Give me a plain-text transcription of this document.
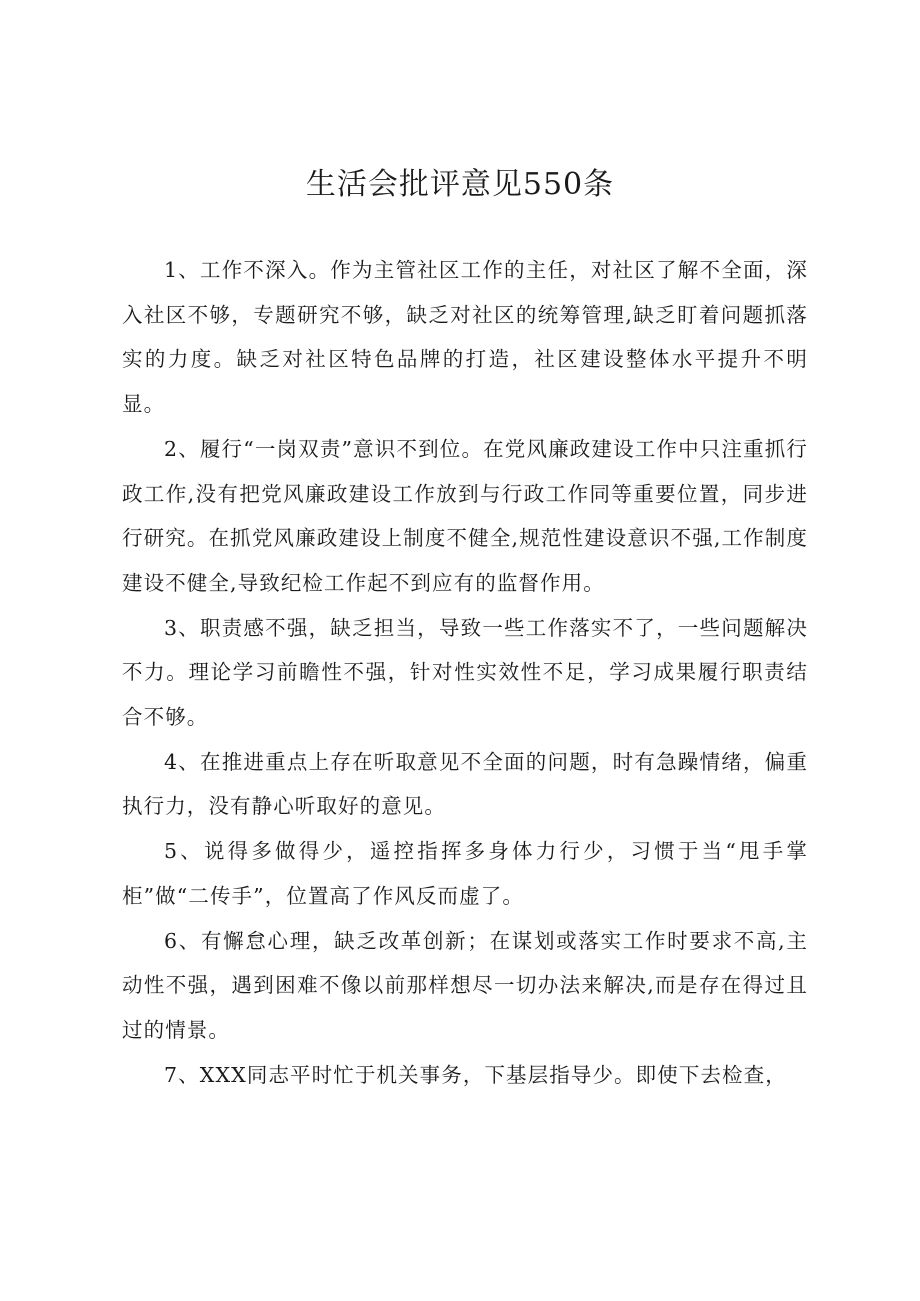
生活会批评意见550条

1、工作不深入。作为主管社区工作的主任，对社区了解不全面，深入社区不够，专题研究不够，缺乏对社区的统筹管理,缺乏盯着问题抓落实的力度。缺乏对社区特色品牌的打造，社区建设整体水平提升不明显。

2、履行“一岗双责”意识不到位。在党风廉政建设工作中只注重抓行政工作,没有把党风廉政建设工作放到与行政工作同等重要位置，同步进行研究。在抓党风廉政建设上制度不健全,规范性建设意识不强,工作制度建设不健全,导致纪检工作起不到应有的监督作用。

3、职责感不强，缺乏担当，导致一些工作落实不了，一些问题解决不力。理论学习前瞻性不强，针对性实效性不足，学习成果履行职责结合不够。

4、在推进重点上存在听取意见不全面的问题，时有急躁情绪，偏重执行力，没有静心听取好的意见。

5、说得多做得少，遥控指挥多身体力行少，习惯于当“甩手掌柜”做“二传手”，位置高了作风反而虚了。

6、有懈怠心理，缺乏改革创新；在谋划或落实工作时要求不高,主动性不强，遇到困难不像以前那样想尽一切办法来解决,而是存在得过且过的情景。

7、XXX同志平时忙于机关事务，下基层指导少。即使下去检查，
